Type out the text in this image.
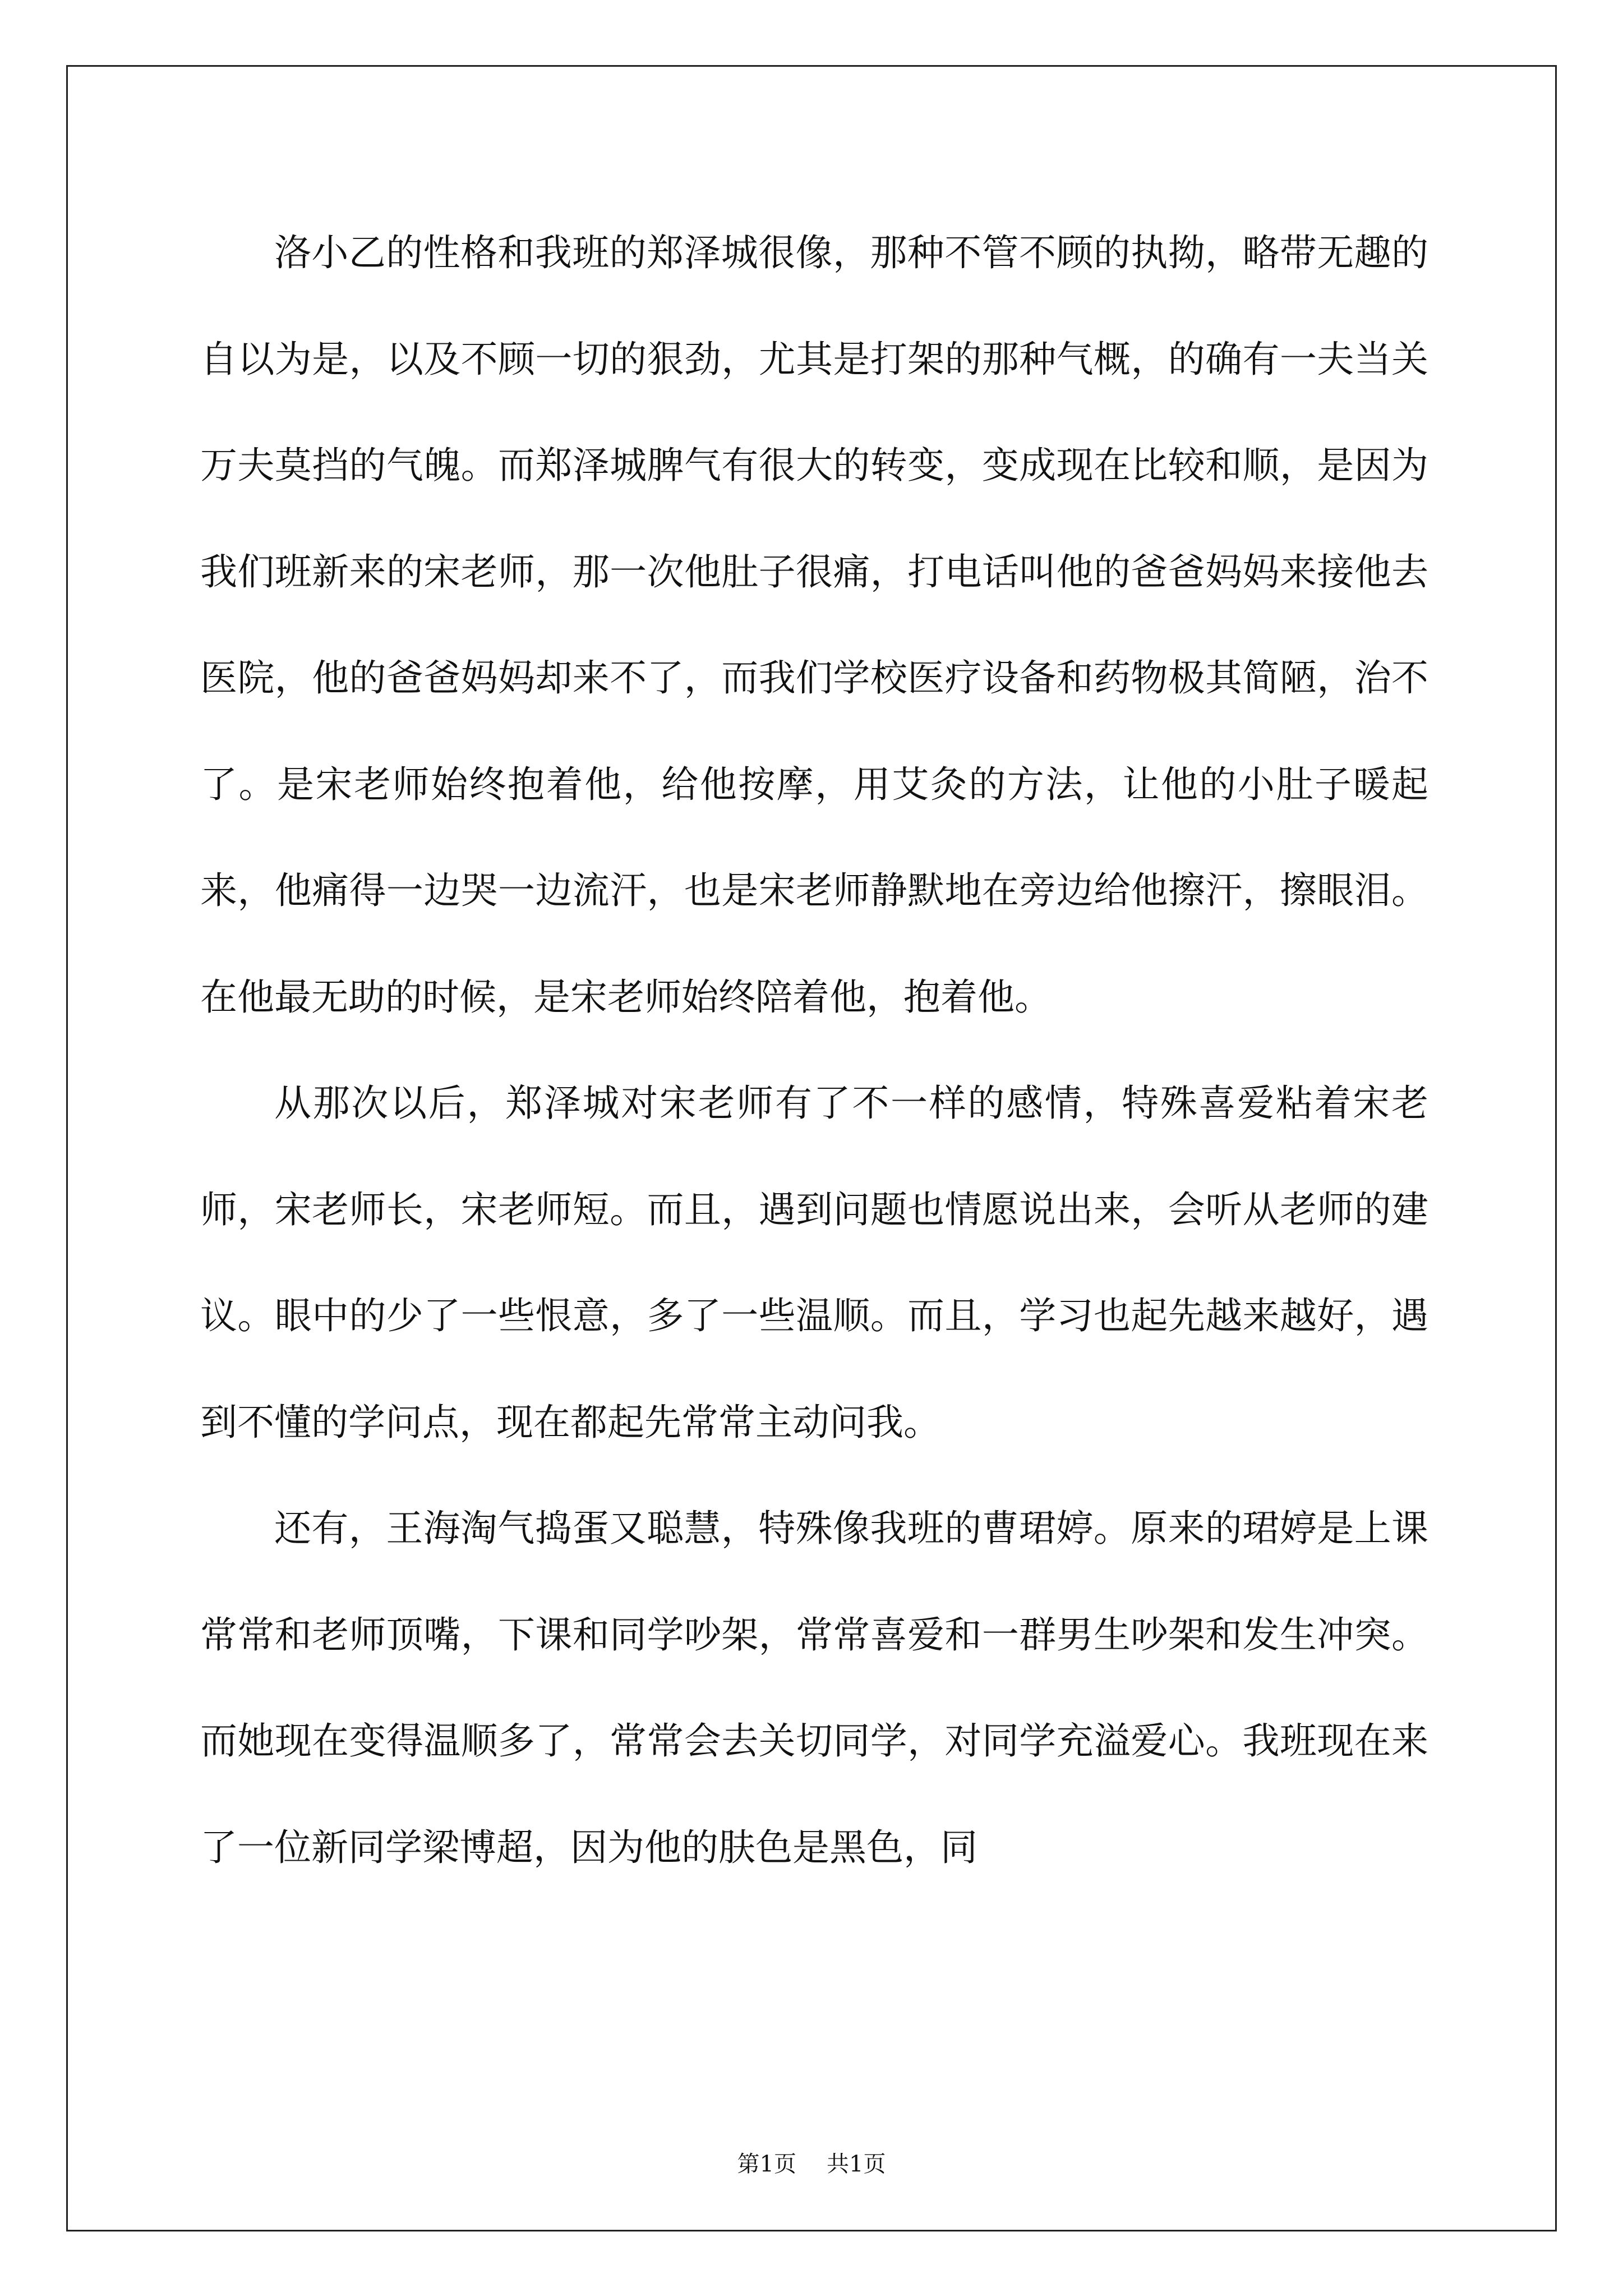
洛小乙的性格和我班的郑泽城很像，那种不管不顾的执拗，略带无趣的自以为是，以及不顾一切的狠劲，尤其是打架的那种气概，的确有一夫当关万夫莫挡的气魄。而郑泽城脾气有很大的转变，变成现在比较和顺，是因为我们班新来的宋老师，那一次他肚子很痛，打电话叫他的爸爸妈妈来接他去医院，他的爸爸妈妈却来不了，而我们学校医疗设备和药物极其简陋，治不了。是宋老师始终抱着他，给他按摩，用艾灸的方法，让他的小肚子暖起来，他痛得一边哭一边流汗，也是宋老师静默地在旁边给他擦汗，擦眼泪。 在他最无助的时候，是宋老师始终陪着他，抱着他。

从那次以后，郑泽城对宋老师有了不一样的感情，特殊喜爱粘着宋老师，宋老师长，宋老师短。而且，遇到问题也情愿说出来，会听从老师的建议。眼中的少了一些恨意，多了一些温顺。而且，学习也起先越来越好，遇到不懂的学问点，现在都起先常常主动问我。

还有，王海淘气捣蛋又聪慧，特殊像我班的曹珺婷。原来的珺婷是上课常常和老师顶嘴，下课和同学吵架，常常喜爱和一群男生吵架和发生冲突。而她现在变得温顺多了，常常会去关切同学，对同学充溢爱心。我班现在来了一位新同学梁博超，因为他的肤色是黑色，同

第1页 共1页
